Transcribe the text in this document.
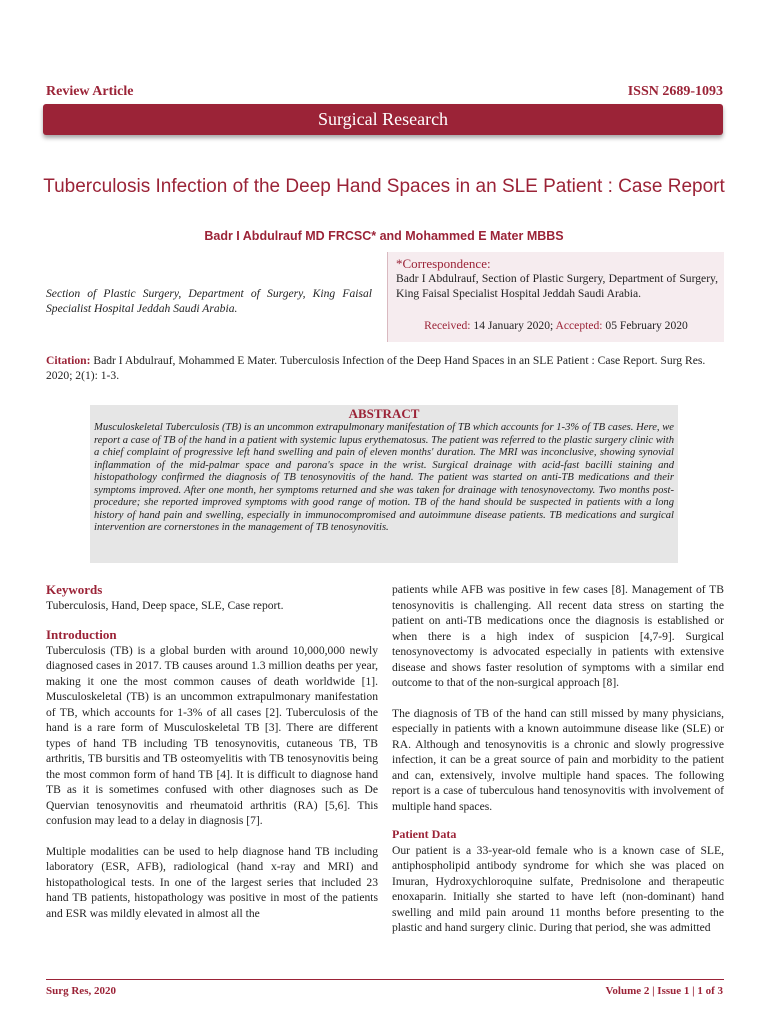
Review Article	ISSN 2689-1093
Surgical Research
Tuberculosis Infection of the Deep Hand Spaces in an SLE Patient : Case Report
Badr I Abdulrauf MD FRCSC* and Mohammed E Mater MBBS
Section of Plastic Surgery, Department of Surgery, King Faisal Specialist Hospital Jeddah Saudi Arabia.
*Correspondence:
Badr I Abdulrauf, Section of Plastic Surgery, Department of Surgery, King Faisal Specialist Hospital Jeddah Saudi Arabia.
Received: 14 January 2020; Accepted: 05 February 2020
Citation: Badr I Abdulrauf, Mohammed E Mater. Tuberculosis Infection of the Deep Hand Spaces in an SLE Patient : Case Report. Surg Res. 2020; 2(1): 1-3.
ABSTRACT
Musculoskeletal Tuberculosis (TB) is an uncommon extrapulmonary manifestation of TB which accounts for 1-3% of TB cases. Here, we report a case of TB of the hand in a patient with systemic lupus erythematosus. The patient was referred to the plastic surgery clinic with a chief complaint of progressive left hand swelling and pain of eleven months' duration. The MRI was inconclusive, showing synovial inflammation of the mid-palmar space and parona's space in the wrist. Surgical drainage with acid-fast bacilli staining and histopathology confirmed the diagnosis of TB tenosynovitis of the hand. The patient was started on anti-TB medications and their symptoms improved. After one month, her symptoms returned and she was taken for drainage with tenosynovectomy. Two months post-procedure; she reported improved symptoms with good range of motion. TB of the hand should be suspected in patients with a long history of hand pain and swelling, especially in immunocompromised and autoimmune disease patients. TB medications and surgical intervention are cornerstones in the management of TB tenosynovitis.
Keywords

Tuberculosis, Hand, Deep space, SLE, Case report.

Introduction

Tuberculosis (TB) is a global burden with around 10,000,000 newly diagnosed cases in 2017. TB causes around 1.3 million deaths per year, making it one the most common causes of death worldwide [1]. Musculoskeletal (TB) is an uncommon extrapulmonary manifestation of TB, which accounts for 1-3% of all cases [2]. Tuberculosis of the hand is a rare form of Musculoskeletal TB [3]. There are different types of hand TB including TB tenosynovitis, cutaneous TB, TB arthritis, TB bursitis and TB osteomyelitis with TB tenosynovitis being the most common form of hand TB [4]. It is difficult to diagnose hand TB as it is sometimes confused with other diagnoses such as De Quervian tenosynovitis and rheumatoid arthritis (RA) [5,6]. This confusion may lead to a delay in diagnosis [7].

Multiple modalities can be used to help diagnose hand TB including laboratory (ESR, AFB), radiological (hand x-ray and MRI) and histopathological tests. In one of the largest series that included 23 hand TB patients, histopathology was positive in most of the patients and ESR was mildly elevated in almost all the

patients while AFB was positive in few cases [8]. Management of TB tenosynovitis is challenging. All recent data stress on starting the patient on anti-TB medications once the diagnosis is established or when there is a high index of suspicion [4,7-9]. Surgical tenosynovectomy is advocated especially in patients with extensive disease and shows faster resolution of symptoms with a similar end outcome to that of the non-surgical approach [8].

The diagnosis of TB of the hand can still missed by many physicians, especially in patients with a known autoimmune disease like (SLE) or RA. Although and tenosynovitis is a chronic and slowly progressive infection, it can be a great source of pain and morbidity to the patient and can, extensively, involve multiple hand spaces. The following report is a case of tuberculous hand tenosynovitis with involvement of multiple hand spaces.

Patient Data

Our patient is a 33-year-old female who is a known case of SLE, antiphospholipid antibody syndrome for which she was placed on Imuran, Hydroxychloroquine sulfate, Prednisolone and therapeutic enoxaparin. Initially she started to have left (non-dominant) hand swelling and mild pain around 11 months before presenting to the plastic and hand surgery clinic. During that period, she was admitted

Surg Res, 2020	Volume 2 | Issue 1 | 1 of 3
